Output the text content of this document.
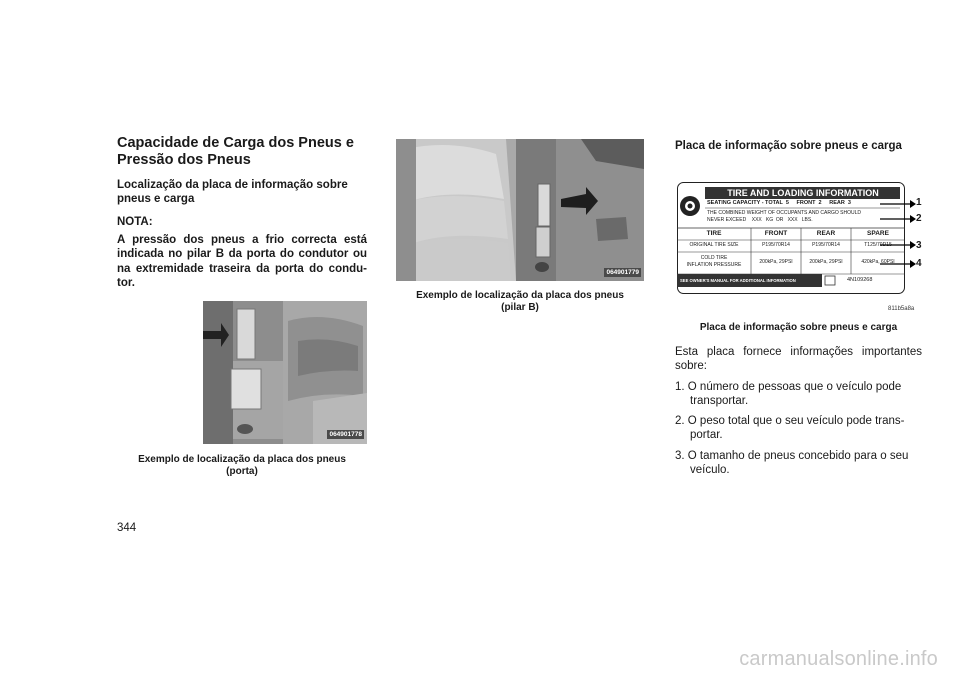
Capacidade de Carga dos Pneus e Pressão dos Pneus
Localização da placa de informação sobre pneus e carga
NOTA:
A pressão dos pneus a frio correcta está indicada no pilar B da porta do condutor ou na extremidade traseira da porta do condu-tor.
064901778
Exemplo de localização da placa dos pneus
(porta)
064901779
Exemplo de localização da placa dos pneus
(pilar B)
Placa de informação sobre pneus e carga
TIRE AND LOADING INFORMATION
SEATING CAPACITY - TOTAL  5     FRONT  2     REAR  3
THE COMBINED WEIGHT OF OCCUPANTS AND CARGO SHOULD
NEVER EXCEED    XXX   KG  OR   XXX   LBS.
TIRE	FRONT	REAR	SPARE
ORIGINAL TIRE SIZE	P195/70R14	P195/70R14	T125/70D15
COLD TIRE
INFLATION PRESSURE	200kPa, 29PSI	200kPa, 29PSI	420kPa, 60PSI
SEE OWNER'S MANUAL FOR ADDITIONAL INFORMATION	4N109268
1
2
3
4
811b5a8a
Placa de informação sobre pneus e carga
Esta placa fornece informações importantes sobre:
1. O número de pessoas que o veículo pode transportar.
2. O peso total que o seu veículo pode trans-portar.
3. O tamanho de pneus concebido para o seu veículo.
344
carmanualsonline.info
